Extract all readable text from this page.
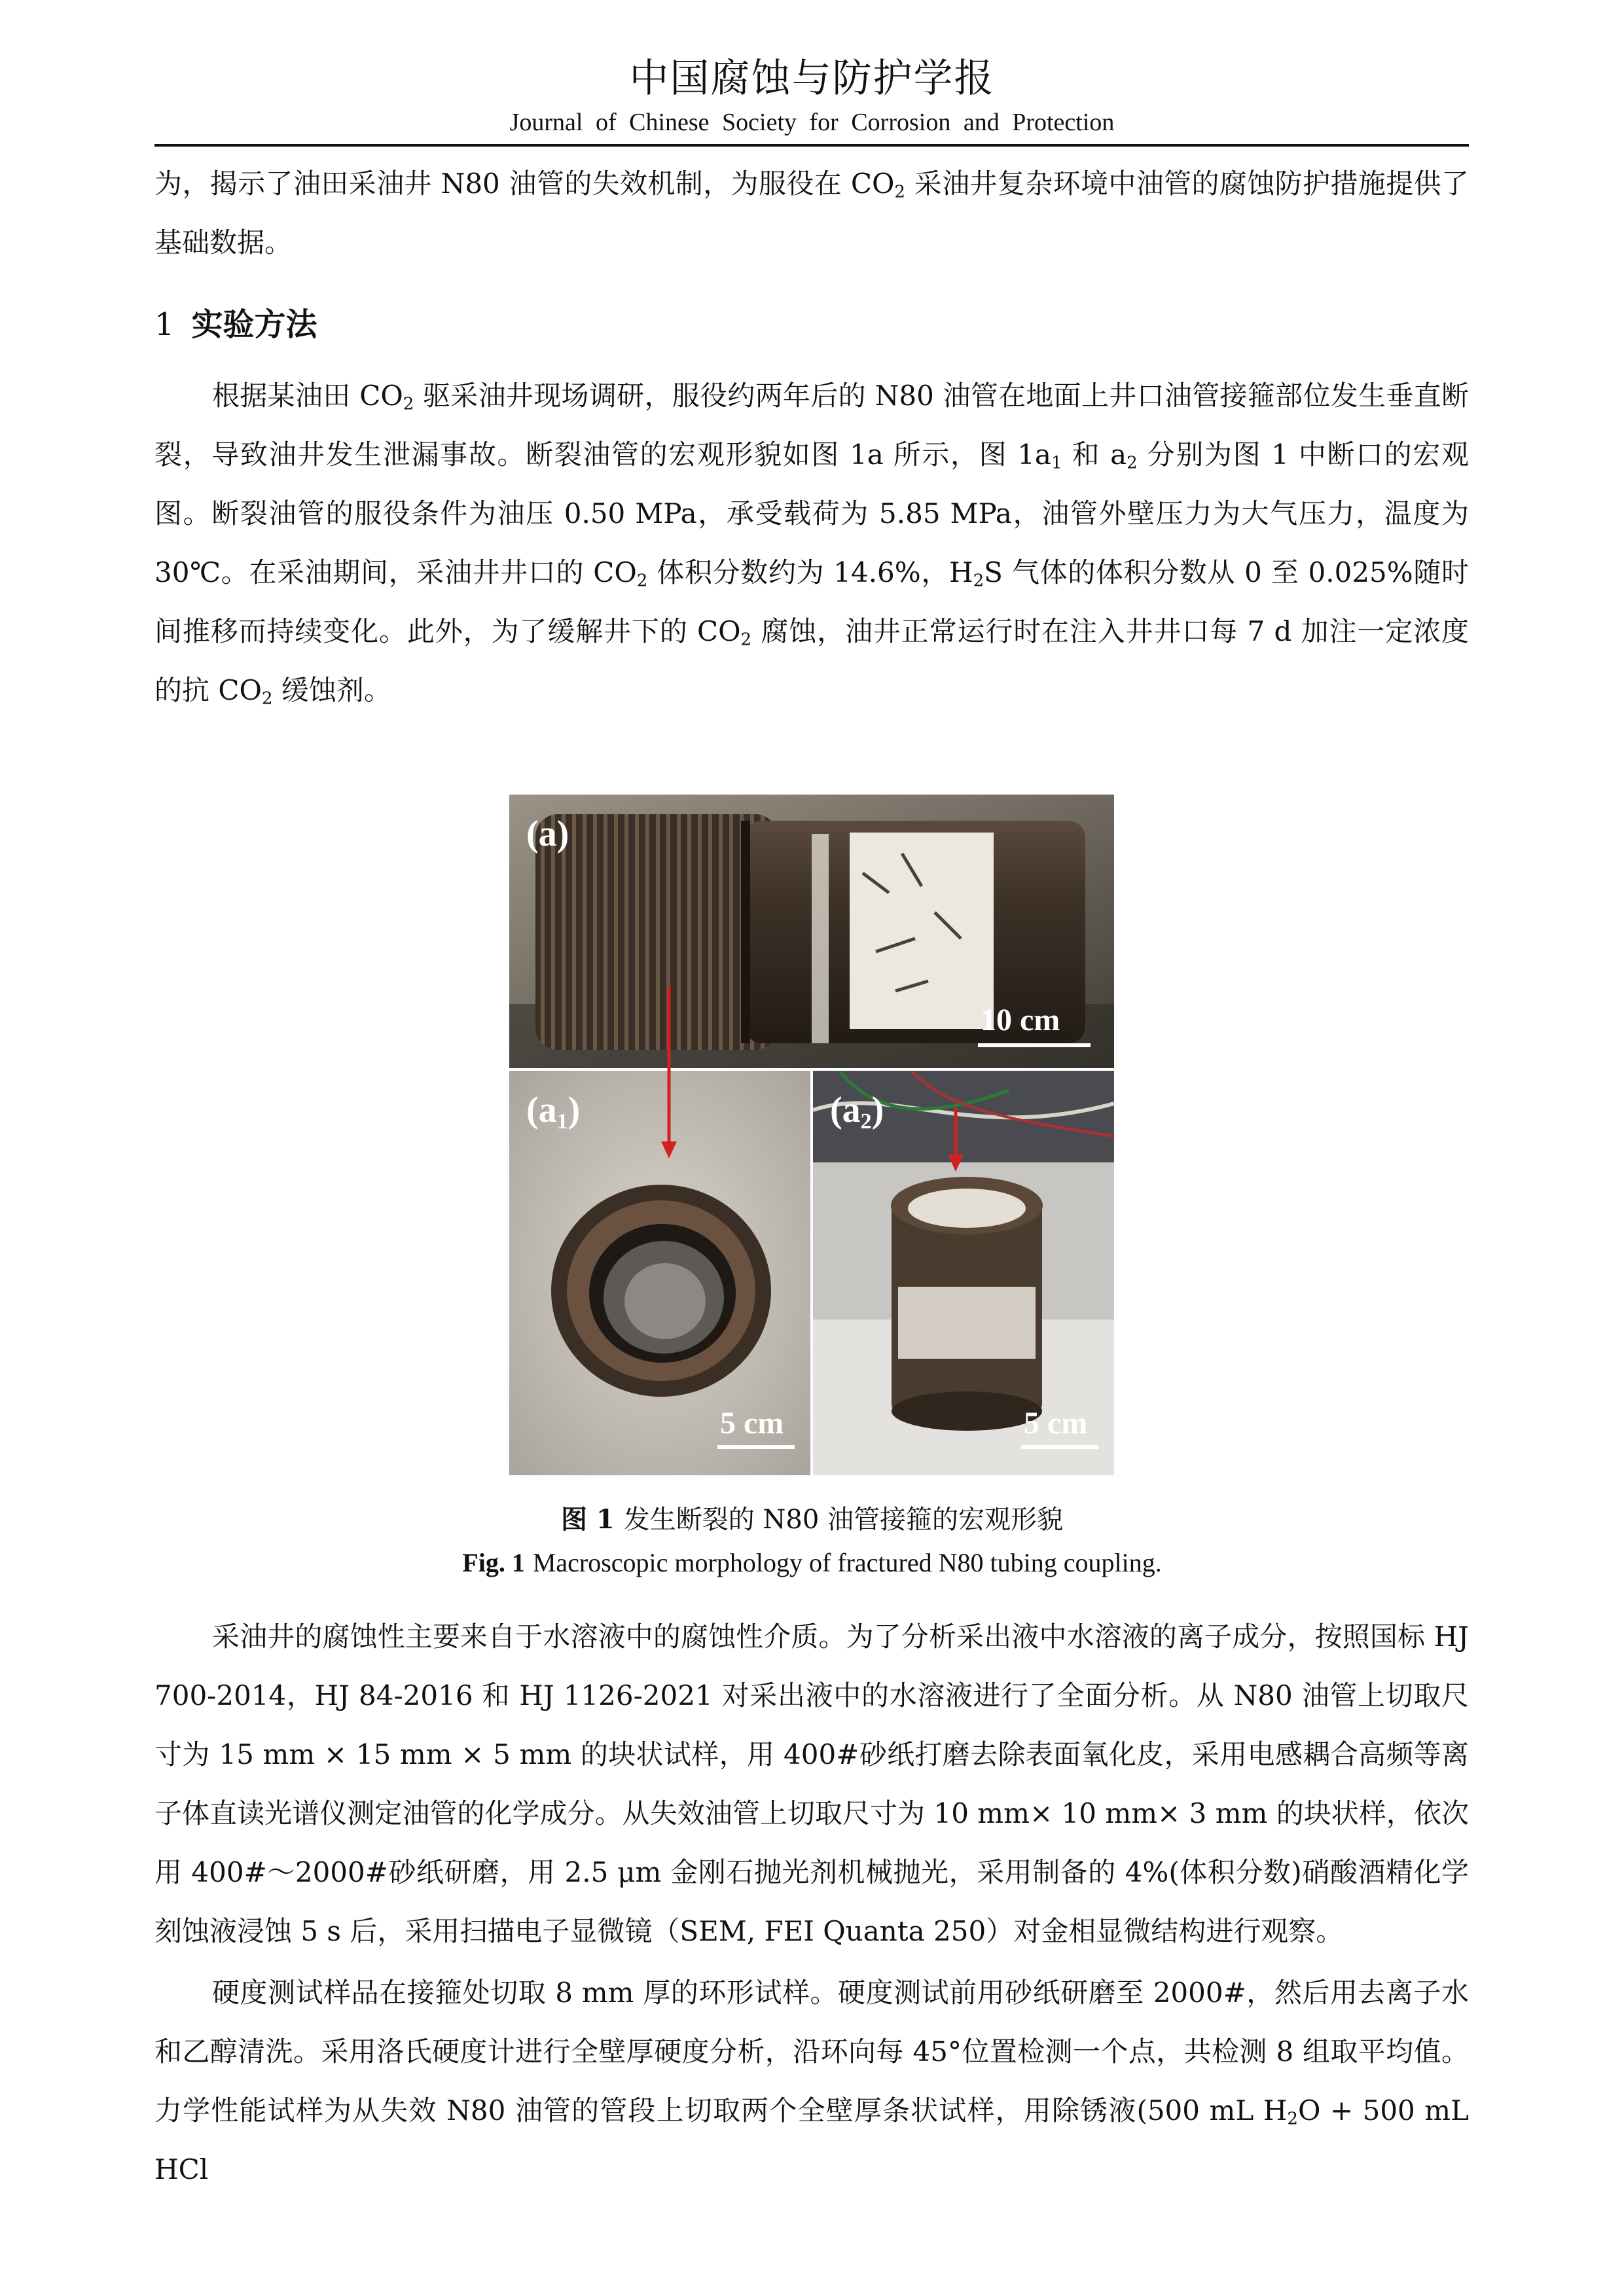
中国腐蚀与防护学报
Journal of Chinese Society for Corrosion and Protection

为，揭示了油田采油井 N80 油管的失效机制，为服役在 $CO_2$ 采油井复杂环境中油管的腐蚀防护措施提供了基础数据。

1 实验方法

根据某油田 $CO_2$ 驱采油井现场调研，服役约两年后的 N80 油管在地面上井口油管接箍部位发生垂直断裂，导致油井发生泄漏事故。断裂油管的宏观形貌如图 1a 所示，图 $1a_1$ 和 $a_2$ 分别为图 1 中断口的宏观图。断裂油管的服役条件为油压 0.50 MPa，承受载荷为 5.85 MPa，油管外壁压力为大气压力，温度为 30℃。在采油期间，采油井井口的 $CO_2$ 体积分数约为 14.6%，$H_2S$ 气体的体积分数从 0 至 0.025%随时间推移而持续变化。此外，为了缓解井下的 $CO_2$ 腐蚀，油井正常运行时在注入井井口每 7 d 加注一定浓度的抗 $CO_2$ 缓蚀剂。

(a)
10 cm
$(a_1)$
5 cm
$(a_2)$
5 cm
图 1 发生断裂的 N80 油管接箍的宏观形貌
Fig. 1 Macroscopic morphology of fractured N80 tubing coupling.

采油井的腐蚀性主要来自于水溶液中的腐蚀性介质。为了分析采出液中水溶液的离子成分，按照国标 HJ 700-2014，HJ 84-2016 和 HJ 1126-2021 对采出液中的水溶液进行了全面分析。从 N80 油管上切取尺寸为 15 mm × 15 mm × 5 mm 的块状试样，用 400#砂纸打磨去除表面氧化皮，采用电感耦合高频等离子体直读光谱仪测定油管的化学成分。从失效油管上切取尺寸为 10 mm× 10 mm× 3 mm 的块状样，依次用 400#～2000#砂纸研磨，用 2.5 μm 金刚石抛光剂机械抛光，采用制备的 4%(体积分数)硝酸酒精化学刻蚀液浸蚀 5 s 后，采用扫描电子显微镜（SEM, FEI Quanta 250）对金相显微结构进行观察。

硬度测试样品在接箍处切取 8 mm 厚的环形试样。硬度测试前用砂纸研磨至 2000#，然后用去离子水和乙醇清洗。采用洛氏硬度计进行全壁厚硬度分析，沿环向每 45°位置检测一个点，共检测 8 组取平均值。力学性能试样为从失效 N80 油管的管段上切取两个全壁厚条状试样，用除锈液(500 mL $H_2O + 500$ mL HCl
